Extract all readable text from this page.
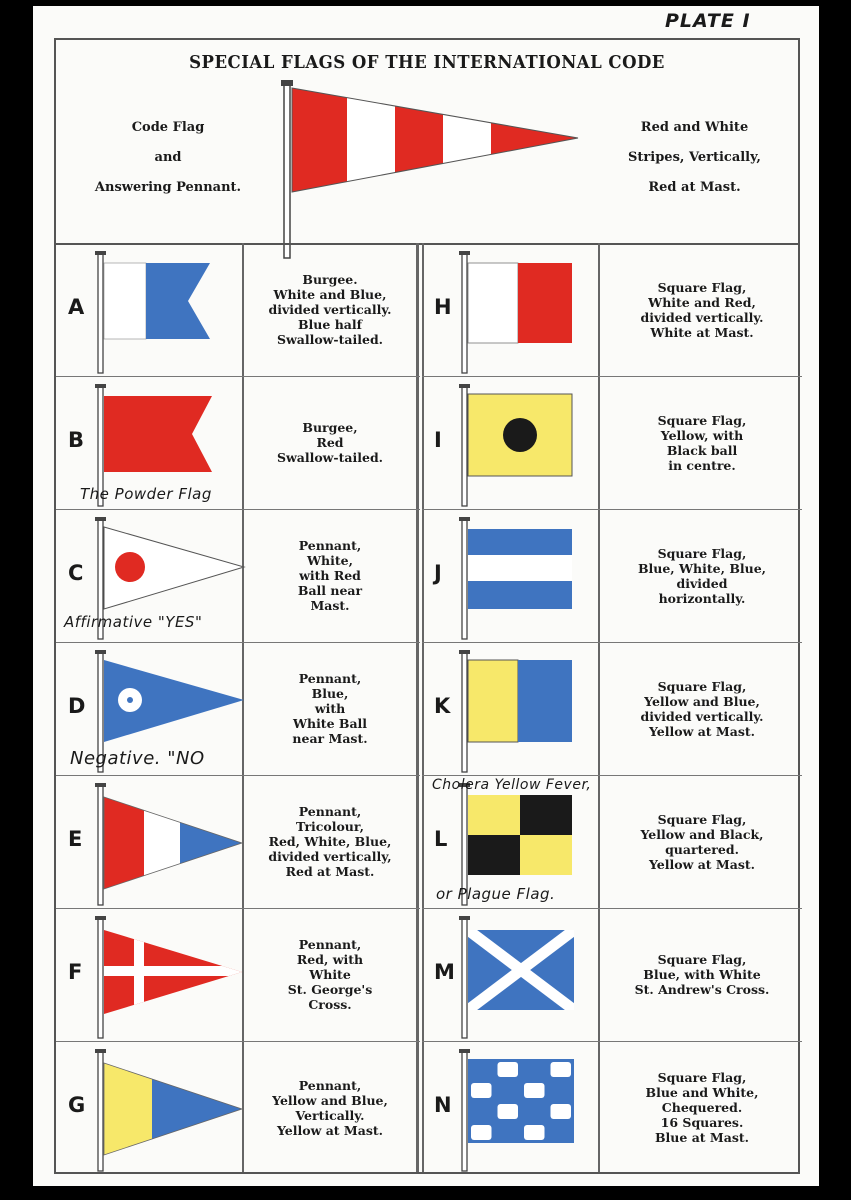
PLATE I
SPECIAL FLAGS OF THE INTERNATIONAL CODE
Code Flag
and
Answering Pennant.
Red and White
Stripes, Vertically,
Red at Mast.
A
Burgee.
White and Blue,
divided vertically.
Blue half
Swallow-tailed.
B
Burgee,
Red
Swallow-tailed.
The Powder Flag
C
Pennant,
White,
with Red
Ball near
Mast.
Affirmative "YES"
D
Pennant,
Blue,
with
White Ball
near Mast.
Negative. "NO
E
Pennant,
Tricolour,
Red, White, Blue,
divided vertically,
Red at Mast.
F
Pennant,
Red, with
White
St. George's
Cross.
G
Pennant,
Yellow and Blue,
Vertically.
Yellow at Mast.
H
Square Flag,
White and Red,
divided vertically.
White at Mast.
I
Square Flag,
Yellow, with
Black ball
in centre.
J
Square Flag,
Blue, White, Blue,
divided
horizontally.
K
Square Flag,
Yellow and Blue,
divided vertically.
Yellow at Mast.
L
Square Flag,
Yellow and Black,
quartered.
Yellow at Mast.
M
Square Flag,
Blue, with White
St. Andrew's Cross.
N
Square Flag,
Blue and White,
Chequered.
16 Squares.
Blue at Mast.
Cholera Yellow Fever,
or Plague Flag.
